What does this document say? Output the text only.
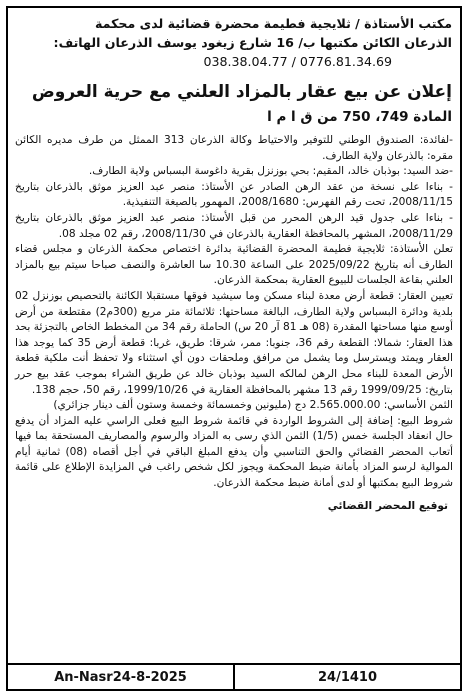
مكتب الأستاذة / ثلايجية فطيمة محضرة قضائية لدى محكمة
الذرعان الكائن مكتبها ب/ 16 شارع زيغود يوسف الذرعان الهاتف:
038.38.04.77 / 0776.81.34.69
إعلان عن بيع عقار بالمزاد العلني مع حرية العروض
المادة 749، 750 من ق ا م ا

-لفائدة: الصندوق الوطني للتوفير والاحتياط وكالة الذرعان 313 الممثل من طرف مديره الكائن مقره: بالذرعان ولاية الطارف.

-ضد السيد: بوذبان خالد، المقيم: بحي بوزنزل بقرية داغوسة البسباس ولاية الطارف.

- بناءا على نسخة من عقد الرهن الصادر عن الأستاذ: منصر عبد العزيز موثق بالذرعان بتاريخ 2008/11/15، تحت رقم الفهرس: 2008/1680، المهمور بالصيغة التنفيذية.

- بناءا على جدول قيد الرهن المحرر من قبل الأستاذ: منصر عبد العزيز موثق بالذرعان بتاريخ 2008/11/29، المشهر بالمحافظة العقارية بالذرعان في 2008/11/30، رقم 02 مجلد 08.

تعلن الأستاذة: ثلايجية فطيمة المحضرة القضائية بدائرة اختصاص محكمة الذرعان و مجلس قضاء الطارف أنه بتاريخ 2025/09/22 على الساعة 10.30 سا العاشرة والنصف صباحا سيتم بيع بالمزاد العلني بقاعة الجلسات للبيوع العقارية بمحكمة الذرعان.

تعيين العقار: قطعة أرض معدة لبناء مسكن وما سيشيد فوقها مستقبلا الكائنة بالتحصيص بوزنزل 02 بلدية ودائرة البسباس ولاية الطارف، البالغة مساحتها: ثلاثمائة متر مربع (300م2) مقتطعة من أرض أوسع منها مساحتها المقدرة (08 هـ 81 آر 20 س) الحاملة رقم 34 من المخطط الخاص بالتجزئة بحد هذا العقار: شمالا: القطعة رقم 36، جنوبا: ممر، شرقا: طريق، غربا: قطعة أرض 35 كما يوجد هذا العقار ويمتد ويسترسل وما يشمل من مرافق وملحقات دون أي استثناء ولا تحفظ أنت ملكية قطعة الأرض المعدة للبناء محل الرهن لمالكه السيد بوذبان خالد عن طريق الشراء بموجب عقد بيع حرر بتاريخ: 1999/09/25 رقم 13 مشهر بالمحافظة العقارية في 1999/10/26، رقم 50، حجم 138.

الثمن الأساسي: 2.565.000.00 دج (مليونين وخمسمائة وخمسة وستون ألف دينار جزائري)

شروط البيع: إضافة إلى الشروط الواردة في قائمة شروط البيع فعلى الراسي عليه المزاد أن يدفع حال انعقاد الجلسة خمس (1/5) الثمن الذي رسى به المزاد والرسوم والمصاريف المستحقة بما فيها أتعاب المحضر القضائي والحق التناسبي وأن يدفع المبلغ الباقي في أجل أقصاه (08) ثمانية أيام الموالية لرسو المزاد بأمانة ضبط المحكمة ويجوز لكل شخص راغب في المزايدة الإطلاع على قائمة شروط البيع بمكتبها أو لدى أمانة ضبط محكمة الذرعان.

توقيع المحضر القضائي
An-Nasr24-8-2025	24/1410
